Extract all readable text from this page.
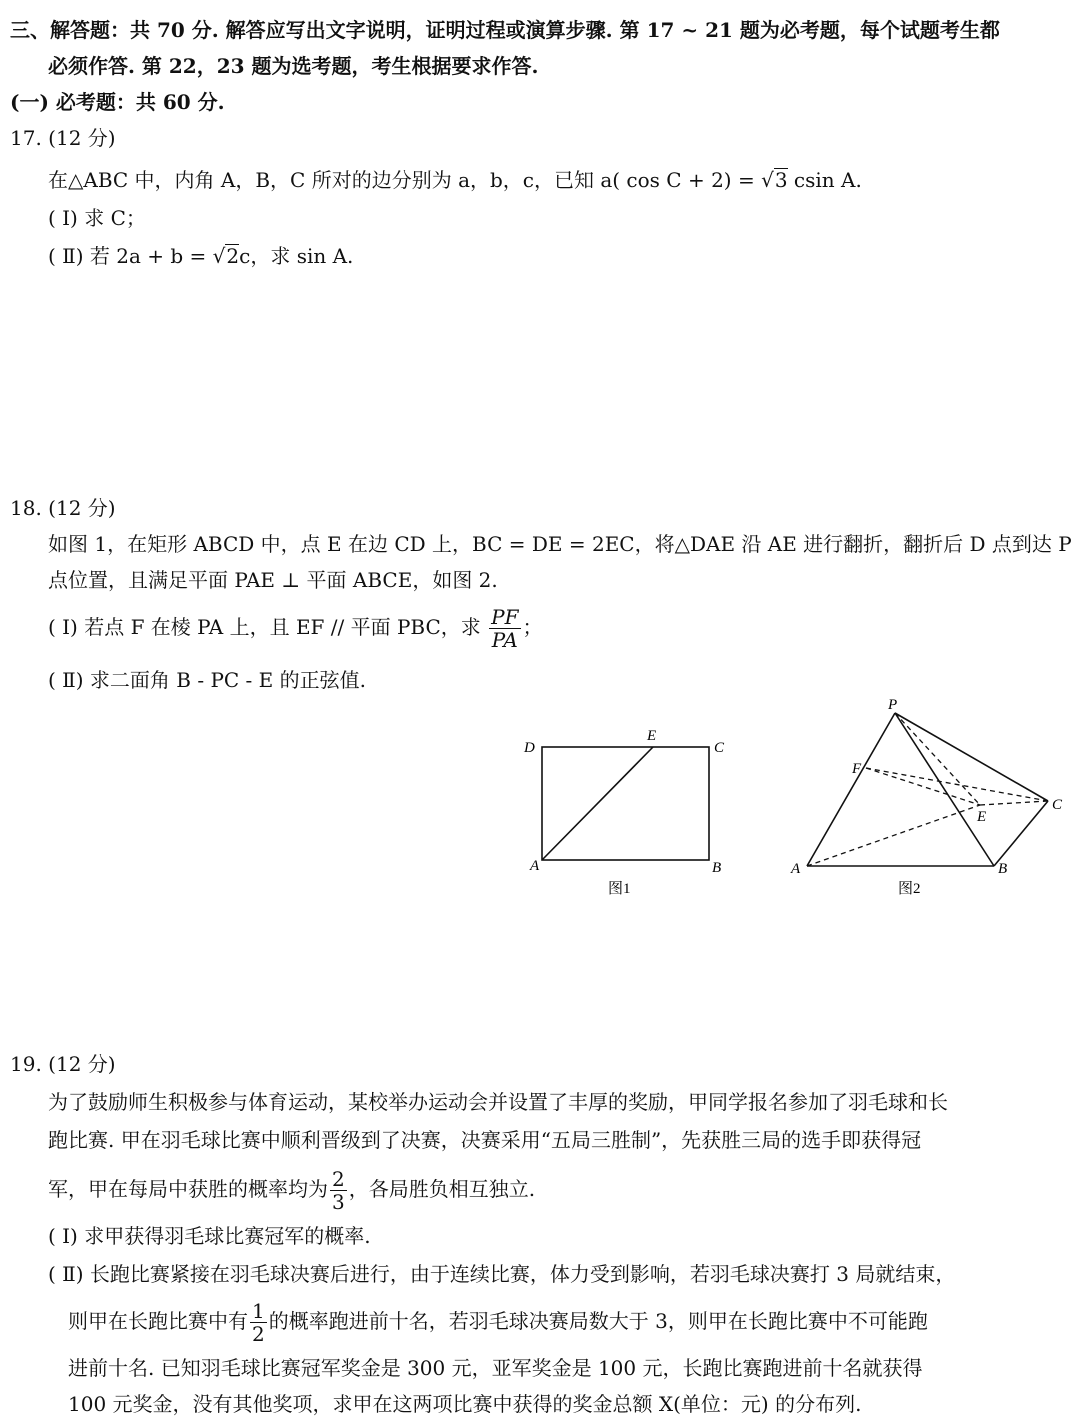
三、解答题：共 70 分. 解答应写出文字说明，证明过程或演算步骤. 第 17 ~ 21 题为必考题，每个试题考生都
必须作答. 第 22，23 题为选考题，考生根据要求作答.
(一) 必考题：共 60 分.
17. (12 分)
在△ABC 中，内角 A，B，C 所对的边分别为 a，b，c，已知 a( cos C + 2) = √3 csin A.
( Ⅰ) 求 C；
( Ⅱ) 若 2a + b = √2c，求 sin A.
18. (12 分)
如图 1，在矩形 ABCD 中，点 E 在边 CD 上，BC = DE = 2EC，将△DAE 沿 AE 进行翻折，翻折后 D 点到达 P
点位置，且满足平面 PAE ⊥ 平面 ABCE，如图 2.
( Ⅰ) 若点 F 在棱 PA 上，且 EF // 平面 PBC，求 $\frac{PF}{PA}$ ；
( Ⅱ) 求二面角 B - PC - E 的正弦值.
D
E
C
A	B
图1
P
F
E
C
A	B
图2
19. (12 分)
为了鼓励师生积极参与体育运动，某校举办运动会并设置了丰厚的奖励，甲同学报名参加了羽毛球和长
跑比赛. 甲在羽毛球比赛中顺利晋级到了决赛，决赛采用“五局三胜制”，先获胜三局的选手即获得冠
军，甲在每局中获胜的概率均为 $\frac{2}{3}$ ，各局胜负相互独立.
( Ⅰ) 求甲获得羽毛球比赛冠军的概率.
( Ⅱ) 长跑比赛紧接在羽毛球决赛后进行，由于连续比赛，体力受到影响，若羽毛球决赛打 3 局就结束，
则甲在长跑比赛中有 $\frac{1}{2}$ 的概率跑进前十名，若羽毛球决赛局数大于 3，则甲在长跑比赛中不可能跑
进前十名. 已知羽毛球比赛冠军奖金是 300 元，亚军奖金是 100 元，长跑比赛跑进前十名就获得
100 元奖金，没有其他奖项，求甲在这两项比赛中获得的奖金总额 X(单位：元) 的分布列.
